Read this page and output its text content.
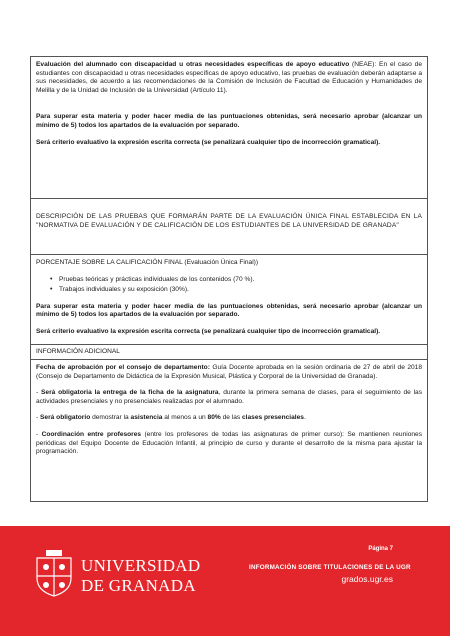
Evaluación del alumnado con discapacidad u otras necesidades específicas de apoyo educativo (NEAE): En el caso de estudiantes con discapacidad u otras necesidades específicas de apoyo educativo, las pruebas de evaluación deberán adaptarse a sus necesidades, de acuerdo a las recomendaciones de la Comisión de Inclusión de Facultad de Educación y Humanidades de Melilla y de la Unidad de Inclusión de la Universidad (Artículo 11).

Para superar esta materia y poder hacer media de las puntuaciones obtenidas, será necesario aprobar (alcanzar un mínimo de 5) todos los apartados de la evaluación por separado.

Será criterio evaluativo la expresión escrita correcta (se penalizará cualquier tipo de incorrección gramatical).

DESCRIPCIÓN DE LAS PRUEBAS QUE FORMARÁN PARTE DE LA EVALUACIÓN ÚNICA FINAL ESTABLECIDA EN LA "NORMATIVA DE EVALUACIÓN Y DE CALIFICACIÓN DE LOS ESTUDIANTES DE LA UNIVERSIDAD DE GRANADA"

PORCENTAJE SOBRE LA CALIFICACIÓN FINAL (Evaluación Única Final))

• Pruebas teóricas y prácticas individuales de los contenidos (70 %).
• Trabajos individuales y su exposición (30%).

Para superar esta materia y poder hacer media de las puntuaciones obtenidas, será necesario aprobar (alcanzar un mínimo de 5) todos los apartados de la evaluación por separado.

Será criterio evaluativo la expresión escrita correcta (se penalizará cualquier tipo de incorrección gramatical).

INFORMACIÓN ADICIONAL

Fecha de aprobación por el consejo de departamento: Guía Docente aprobada en la sesión ordinaria de 27 de abril de 2018 (Consejo de Departamento de Didáctica de la Expresión Musical, Plástica y Corporal de la Universidad de Granada).

- Será obligatoria la entrega de la ficha de la asignatura, durante la primera semana de clases, para el seguimiento de las actividades presenciales y no presenciales realizadas por el alumnado.

- Será obligatorio demostrar la asistencia al menos a un 80% de las clases presenciales.

- Coordinación entre profesores (entre los profesores de todas las asignaturas de primer curso): Se mantienen reuniones periódicas del Equipo Docente de Educación Infantil, al principio de curso y durante el desarrollo de la misma para ajustar la programación.

UNIVERSIDAD
DE GRANADA
Página 7
INFORMACIÓN SOBRE TITULACIONES DE LA UGR
grados.ugr.es
